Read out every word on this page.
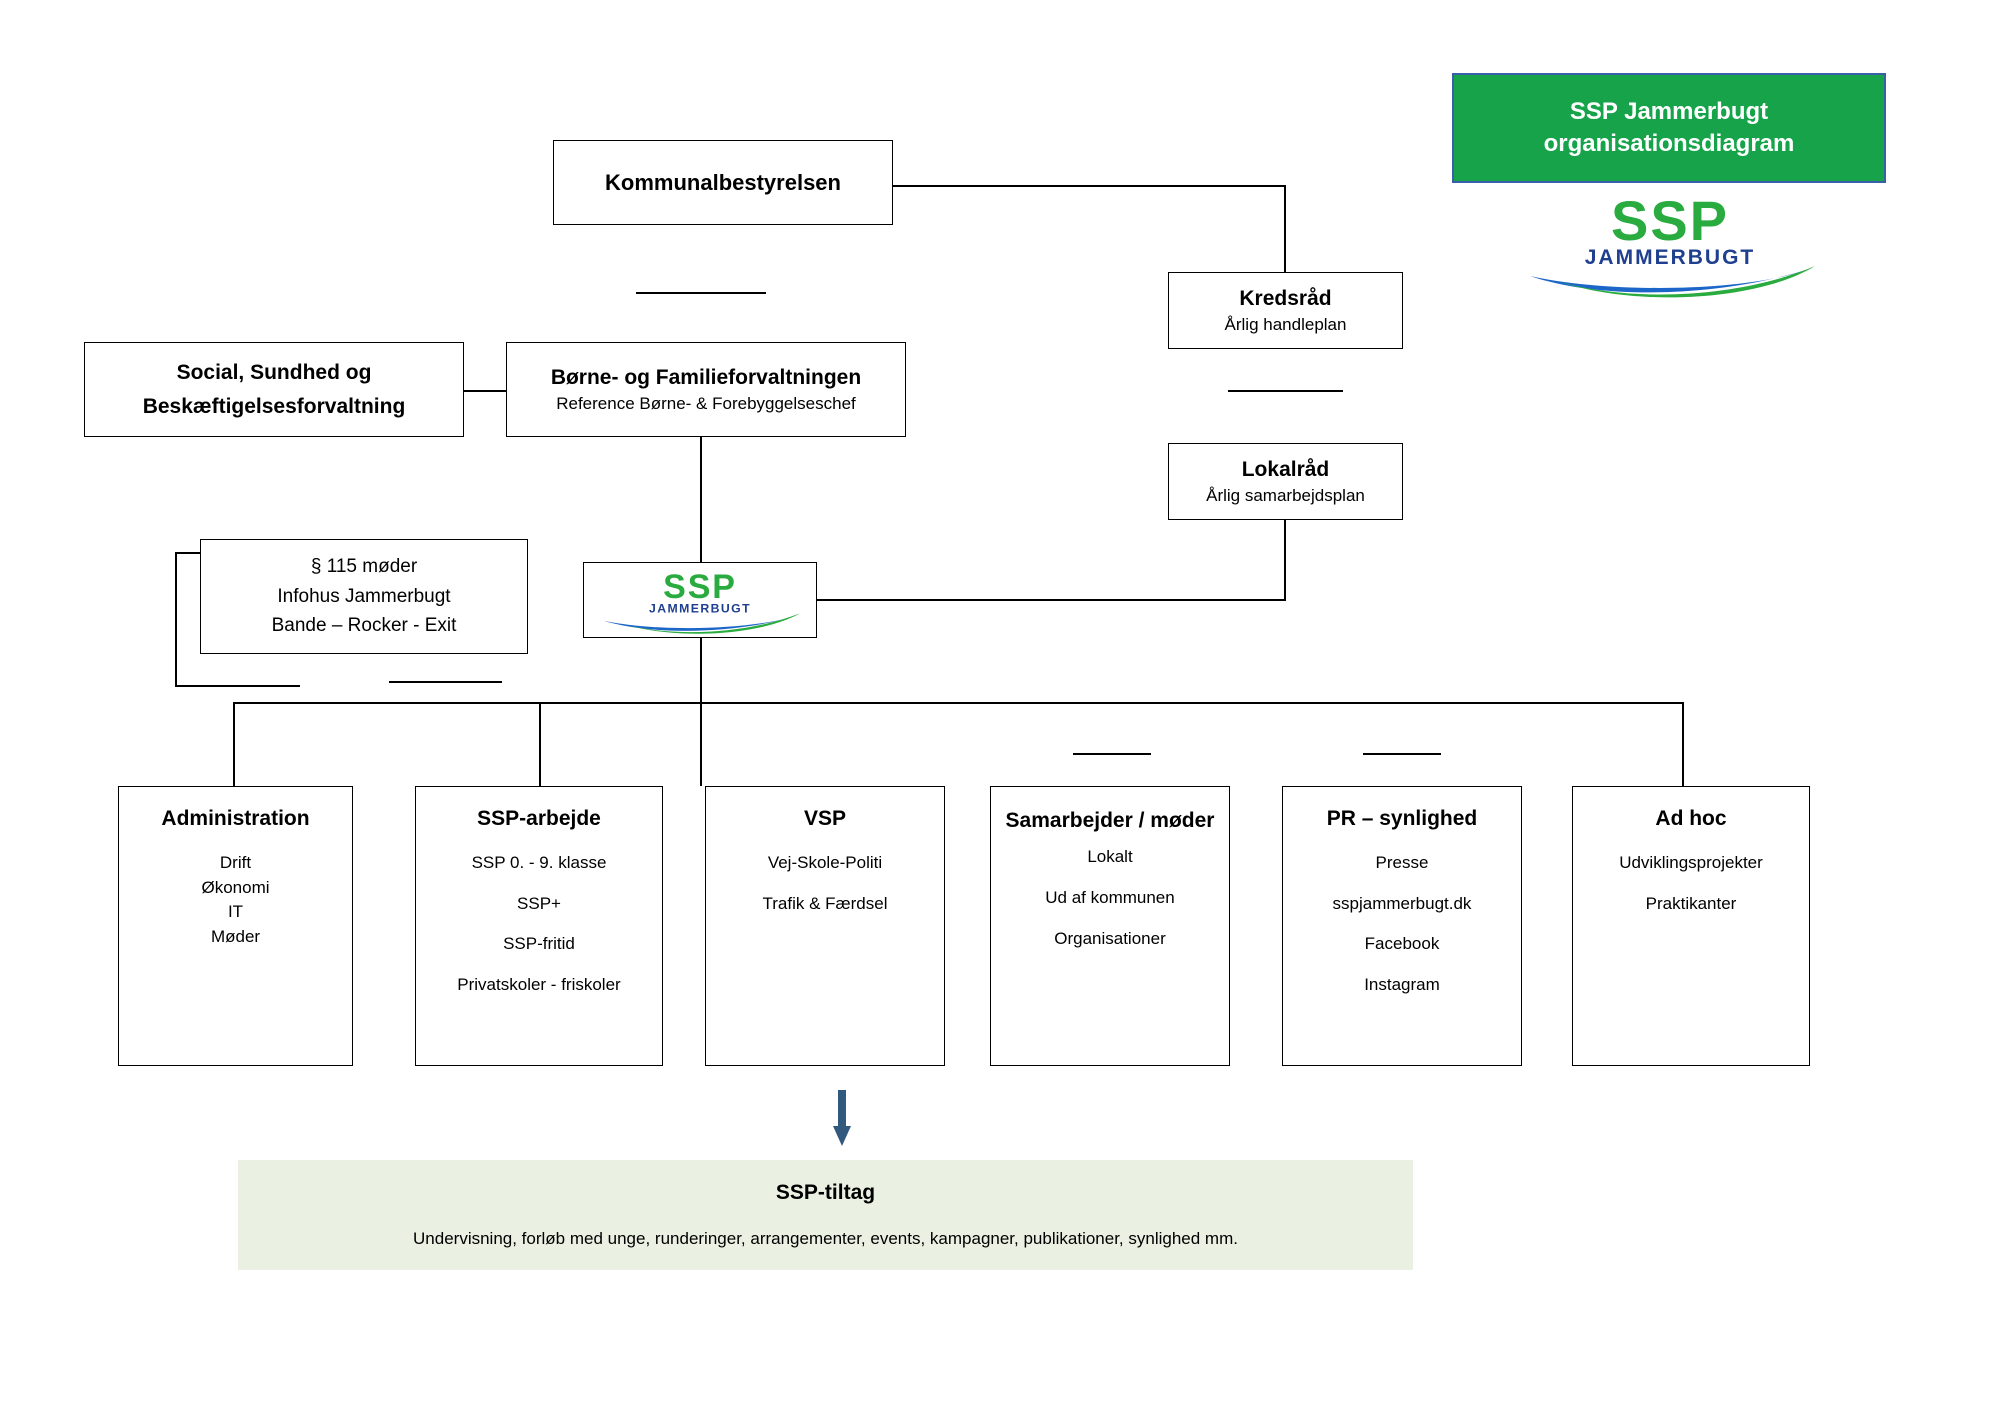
SSP Jammerbugt
organisationsdiagram
SSP
JAMMERBUGT
Kommunalbestyrelsen
Social, Sundhed og
Beskæftigelsesforvaltning
Børne- og Familieforvaltningen
Reference Børne- & Forebyggelseschef
Kredsråd
Årlig handleplan
Lokalråd
Årlig samarbejdsplan
§ 115 møder
Infohus Jammerbugt
Bande – Rocker - Exit
SSP
JAMMERBUGT
Administration
Drift
Økonomi
IT
Møder
SSP-arbejde
SSP 0. - 9. klasse
SSP+
SSP-fritid
Privatskoler - friskoler
VSP
Vej-Skole-Politi
Trafik & Færdsel
Samarbejder / møder
Lokalt
Ud af kommunen
Organisationer
PR – synlighed
Presse
sspjammerbugt.dk
Facebook
Instagram
Ad hoc
Udviklingsprojekter
Praktikanter
SSP-tiltag
Undervisning, forløb med unge, runderinger, arrangementer, events, kampagner, publikationer, synlighed mm.
